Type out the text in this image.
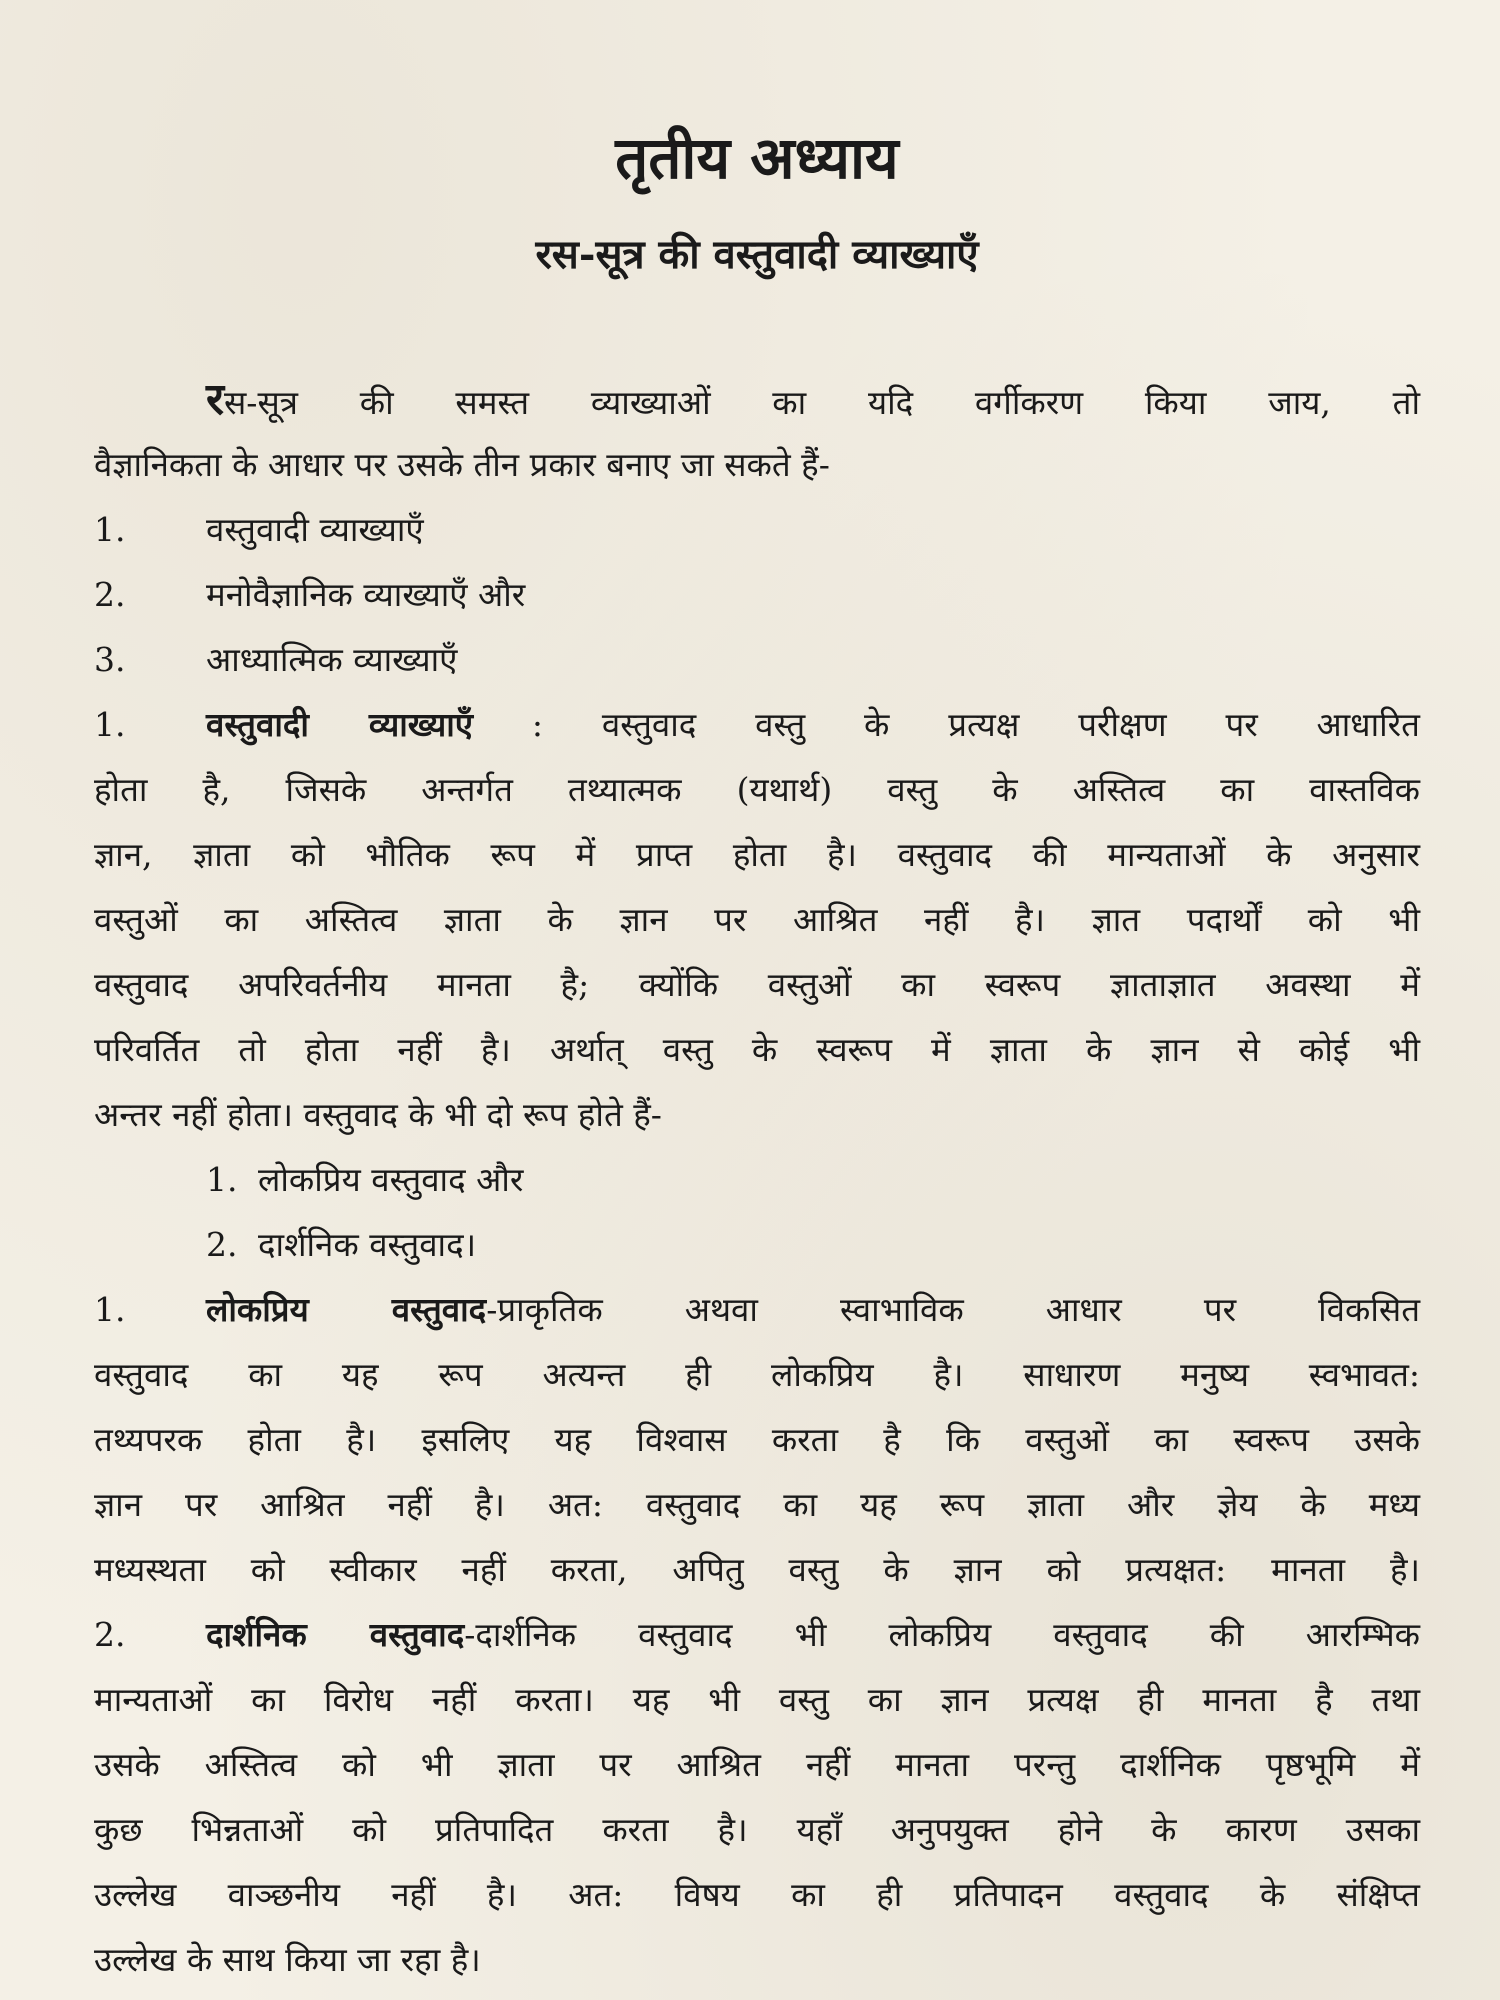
तृतीय अध्याय
रस-सूत्र की वस्तुवादी व्याख्याएँ
रस-सूत्र की समस्त व्याख्याओं का यदि वर्गीकरण किया जाय, तो
वैज्ञानिकता के आधार पर उसके तीन प्रकार बनाए जा सकते हैं-
1. वस्तुवादी व्याख्याएँ
2. मनोवैज्ञानिक व्याख्याएँ और
3. आध्यात्मिक व्याख्याएँ
1. वस्तुवादी व्याख्याएँ : वस्तुवाद वस्तु के प्रत्यक्ष परीक्षण पर आधारित
होता है, जिसके अन्तर्गत तथ्यात्मक (यथार्थ) वस्तु के अस्तित्व का वास्तविक
ज्ञान, ज्ञाता को भौतिक रूप में प्राप्त होता है। वस्तुवाद की मान्यताओं के अनुसार
वस्तुओं का अस्तित्व ज्ञाता के ज्ञान पर आश्रित नहीं है। ज्ञात पदार्थों को भी
वस्तुवाद अपरिवर्तनीय मानता है; क्योंकि वस्तुओं का स्वरूप ज्ञाताज्ञात अवस्था में
परिवर्तित तो होता नहीं है। अर्थात् वस्तु के स्वरूप में ज्ञाता के ज्ञान से कोई भी
अन्तर नहीं होता। वस्तुवाद के भी दो रूप होते हैं-
1. लोकप्रिय वस्तुवाद और
2. दार्शनिक वस्तुवाद।
1. लोकप्रिय वस्तुवाद-प्राकृतिक अथवा स्वाभाविक आधार पर विकसित
वस्तुवाद का यह रूप अत्यन्त ही लोकप्रिय है। साधारण मनुष्य स्वभावत:
तथ्यपरक होता है। इसलिए यह विश्वास करता है कि वस्तुओं का स्वरूप उसके
ज्ञान पर आश्रित नहीं है। अत: वस्तुवाद का यह रूप ज्ञाता और ज्ञेय के मध्य
मध्यस्थता को स्वीकार नहीं करता, अपितु वस्तु के ज्ञान को प्रत्यक्षत: मानता है।
2. दार्शनिक वस्तुवाद-दार्शनिक वस्तुवाद भी लोकप्रिय वस्तुवाद की आरम्भिक
मान्यताओं का विरोध नहीं करता। यह भी वस्तु का ज्ञान प्रत्यक्ष ही मानता है तथा
उसके अस्तित्व को भी ज्ञाता पर आश्रित नहीं मानता परन्तु दार्शनिक पृष्ठभूमि में
कुछ भिन्नताओं को प्रतिपादित करता है। यहाँ अनुपयुक्त होने के कारण उसका
उल्लेख वाञ्छनीय नहीं है। अत: विषय का ही प्रतिपादन वस्तुवाद के संक्षिप्त
उल्लेख के साथ किया जा रहा है।
